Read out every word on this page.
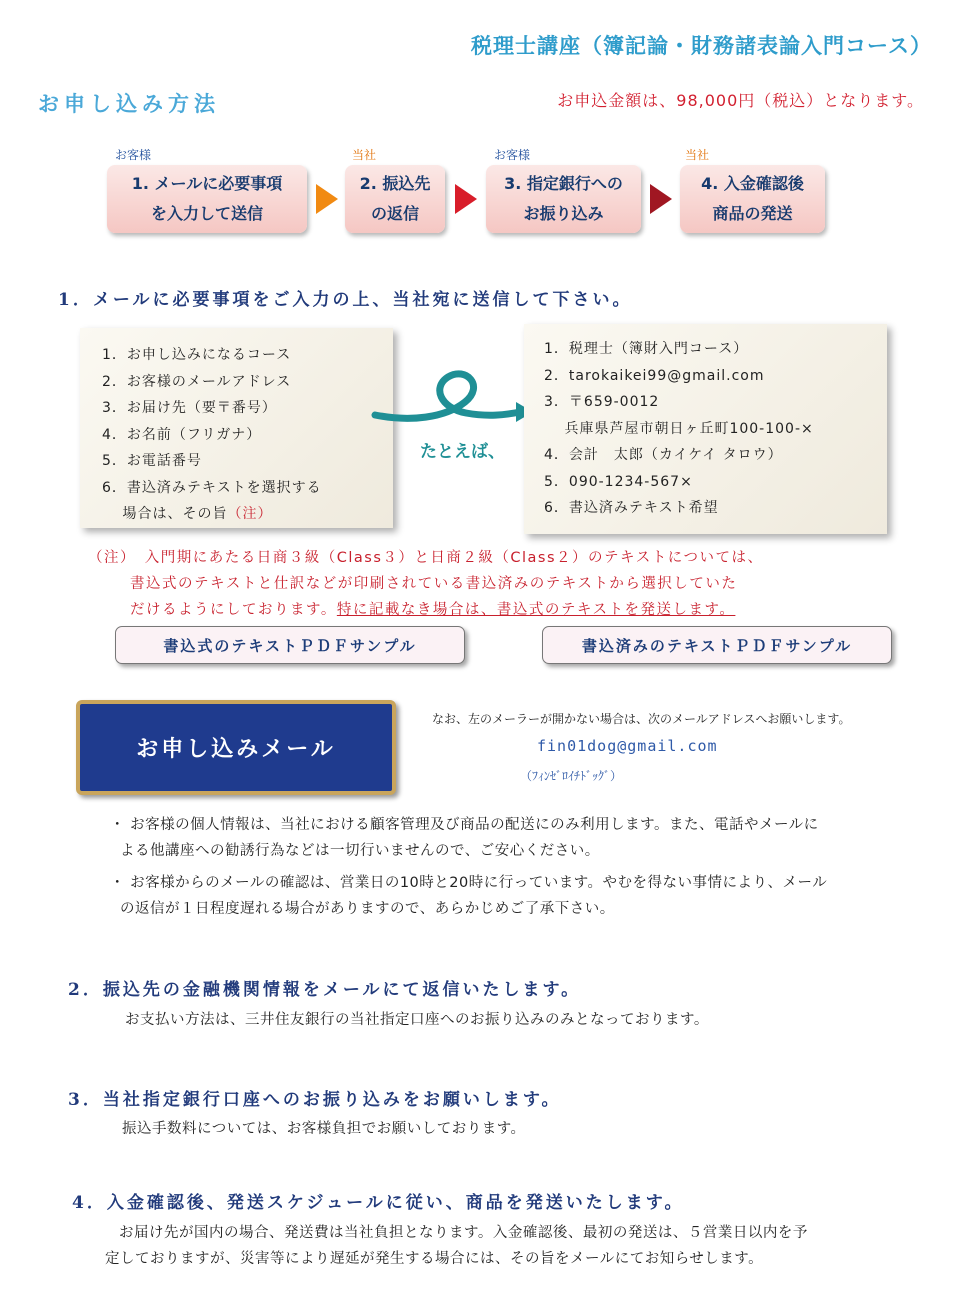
税理士講座（簿記論・財務諸表論入門コース）
お申し込み方法	お申込金額は、98,000円（税込）となります。
お客様
1. メールに必要事項
を入力して送信
当社
2. 振込先
の返信
お客様
3. 指定銀行への
お振り込み
当社
4. 入金確認後
商品の発送
1．メールに必要事項をご入力の上、当社宛に送信して下さい。
1．お申し込みになるコース
2．お客様のメールアドレス
3．お届け先（要〒番号）
4．お名前（フリガナ）
5．お電話番号
6．書込済みテキストを選択する
　 場合は、その旨（注）
たとえば、
1．税理士（簿財入門コース）
2．tarokaikei99@gmail.com
3．〒659-0012
　 兵庫県芦屋市朝日ヶ丘町100-100-×
4．会計　太郎（カイケイ タロウ）
5．090-1234-567×
6．書込済みテキスト希望
（注）　入門期にあたる日商３級（Class３）と日商２級（Class２）のテキストについては、
書込式のテキストと仕訳などが印刷されている書込済みのテキストから選択していた
だけるようにしております。特に記載なき場合は、書込式のテキストを発送します。
書込式のテキストＰＤＦサンプル	書込済みのテキストＰＤＦサンプル
お申し込みメール
なお、左のメーラーが開かない場合は、次のメールアドレスへお願いします。
fin01dog@gmail.com
（ﾌｨﾝｾﾞﾛｲﾁﾄﾞｯｸﾞ）
・ お客様の個人情報は、当社における顧客管理及び商品の配送にのみ利用します。また、電話やメールに
よる他講座への勧誘行為などは一切行いませんので、ご安心ください。
・ お客様からのメールの確認は、営業日の10時と20時に行っています。やむを得ない事情により、メール
の返信が１日程度遅れる場合がありますので、あらかじめご了承下さい。
2．振込先の金融機関情報をメールにて返信いたします。
お支払い方法は、三井住友銀行の当社指定口座へのお振り込みのみとなっております。
3．当社指定銀行口座へのお振り込みをお願いします。
振込手数料については、お客様負担でお願いしております。
4．入金確認後、発送スケジュールに従い、商品を発送いたします。
お届け先が国内の場合、発送費は当社負担となります。入金確認後、最初の発送は、５営業日以内を予
定しておりますが、災害等により遅延が発生する場合には、その旨をメールにてお知らせします。
